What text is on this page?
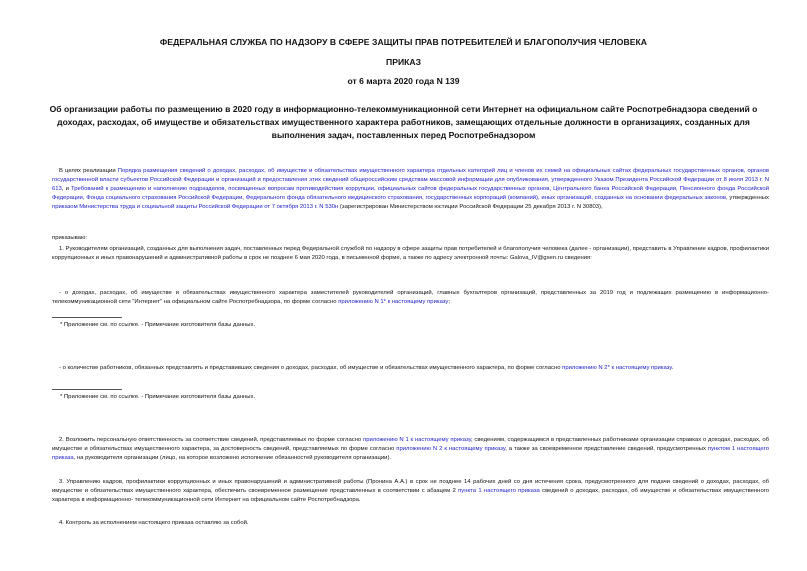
ФЕДЕРАЛЬНАЯ СЛУЖБА ПО НАДЗОРУ В СФЕРЕ ЗАЩИТЫ ПРАВ ПОТРЕБИТЕЛЕЙ И БЛАГОПОЛУЧИЯ ЧЕЛОВЕКА
ПРИКАЗ
от 6 марта 2020 года N 139
Об организации работы по размещению в 2020 году в информационно-телекоммуникационной сети Интернет на официальном сайте Роспотребнадзора сведений о доходах, расходах, об имуществе и обязательствах имущественного характера работников, замещающих отдельные должности в организациях, созданных для выполнения задач, поставленных перед Роспотребнадзором
В целях реализации Порядка размещения сведений о доходах, расходах, об имуществе и обязательствах имущественного характера отдельных категорий лиц и членов их семей на официальных сайтах федеральных государственных органов, органов государственной власти субъектов Российской Федерации и организаций и предоставления этих сведений общероссийским средствам массовой информации для опубликования, утвержденного Указом Президента Российской Федерации от 8 июля 2013 г. N 613, и Требований к размещению и наполнению подразделов, посвященных вопросам противодействия коррупции, официальных сайтов федеральных государственных органов, Центрального банка Российской Федерации, Пенсионного фонда Российской Федерации, Фонда социального страхования Российской Федерации, Федерального фонда обязательного медицинского страхования, государственных корпораций (компаний), иных организаций, созданных на основании федеральных законов, утвержденных приказом Министерства труда и социальной защиты Российской Федерации от 7 октября 2013 г. N 530н (зарегистрирован Министерством юстиции Российской Федерации 25 декабря 2013 г. N 30803),
приказываю:
1. Руководителям организаций, созданных для выполнения задач, поставленных перед Федеральной службой по надзору в сфере защиты прав потребителей и благополучия человека (далее - организации), представить в Управление кадров, профилактики коррупционных и иных правонарушений и административной работы в срок не позднее 6 мая 2020 года, в письменной форме, а также по адресу электронной почты: Galova_IV@gsen.ru сведения:
- о доходах, расходах, об имуществе и обязательствах имущественного характера заместителей руководителей организаций, главных бухгалтеров организаций, представленных за 2019 год и подлежащих размещению в информационно-телекоммуникационной сети "Интернет" на официальном сайте Роспотребнадзора, по форме согласно приложению N 1* к настоящему приказу;
* Приложение см. по ссылке. - Примечание изготовителя базы данных.
- о количестве работников, обязанных представлять и представивших сведения о доходах, расходах, об имуществе и обязательствах имущественного характера, по форме согласно приложению N 2* к настоящему приказу.
* Приложение см. по ссылке. - Примечание изготовителя базы данных.
2. Возложить персональную ответственность за соответствие сведений, представляемых по форме согласно приложению N 1 к настоящему приказу, сведениям, содержащимся в представленных работниками организации справках о доходах, расходах, об имуществе и обязательствах имущественного характера, за достоверность сведений, представляемых по форме согласно приложению N 2 к настоящему приказу, а также за своевременное представление сведений, предусмотренных пунктом 1 настоящего приказа, на руководителя организации (лицо, на которое возложено исполнение обязанностей руководителя организации).
3. Управлению кадров, профилактики коррупционных и иных правонарушений и административной работы (Пронина А.А.) в срок не позднее 14 рабочих дней со дня истечения срока, предусмотренного для подачи сведений о доходах, расходах, об имуществе и обязательствах имущественного характера, обеспечить своевременное размещение представленных в соответствии с абзацем 2 пункта 1 настоящего приказа сведений о доходах, расходах, об имуществе и обязательствах имущественного характера в информационно- телекоммуникационной сети Интернет на официальном сайте Роспотребнадзора.
4. Контроль за исполнением настоящего приказа оставляю за собой.
